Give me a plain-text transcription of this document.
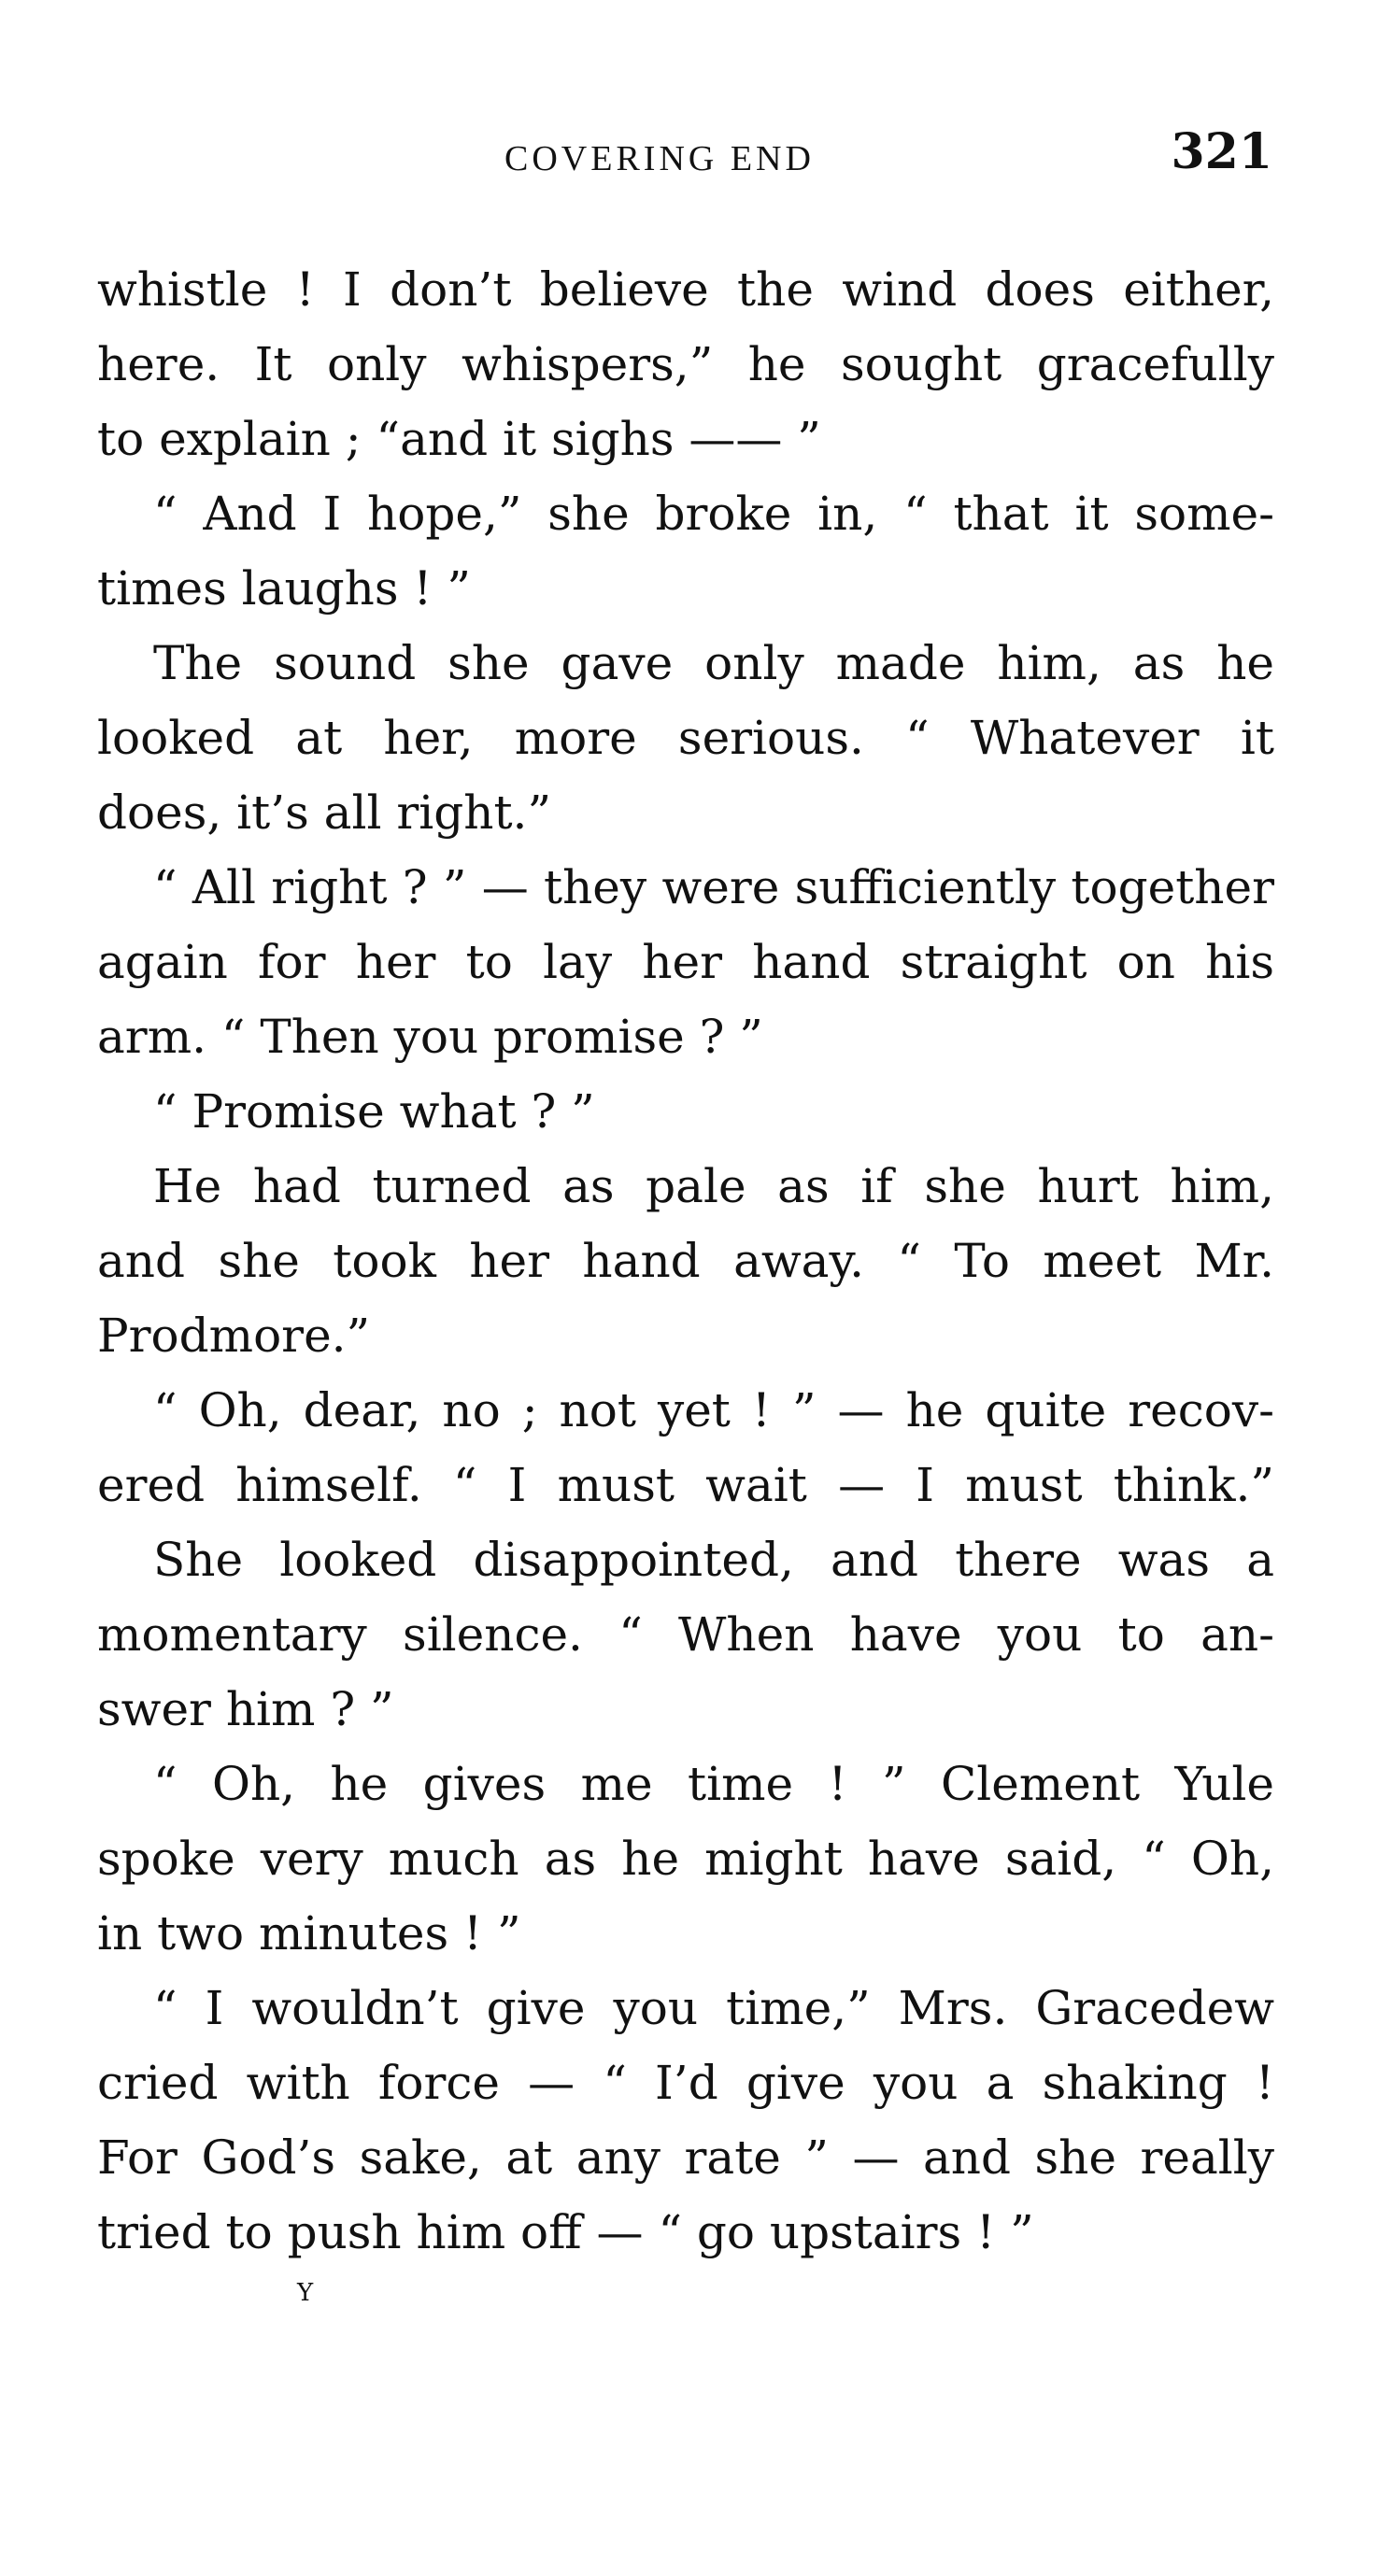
COVERING END	321
whistle ! I don’t believe the wind does either,
here. It only whispers,” he sought gracefully
to explain ; “and it sighs —— ”
“ And I hope,” she broke in, “ that it some-
times laughs ! ”
The sound she gave only made him, as he
looked at her, more serious. “ Whatever it
does, it’s all right.”
“ All right ? ” — they were sufficiently together
again for her to lay her hand straight on his
arm. “ Then you promise ? ”
“ Promise what ? ”
He had turned as pale as if she hurt him,
and she took her hand away. “ To meet Mr.
Prodmore.”
“ Oh, dear, no ; not yet ! ” — he quite recov-
ered himself. “ I must wait — I must think.”
She looked disappointed, and there was a
momentary silence. “ When have you to an-
swer him ? ”
“ Oh, he gives me time ! ” Clement Yule
spoke very much as he might have said, “ Oh,
in two minutes ! ”
“ I wouldn’t give you time,” Mrs. Gracedew
cried with force — “ I’d give you a shaking !
For God’s sake, at any rate ” — and she really
tried to push him off — “ go upstairs ! ”
Y
